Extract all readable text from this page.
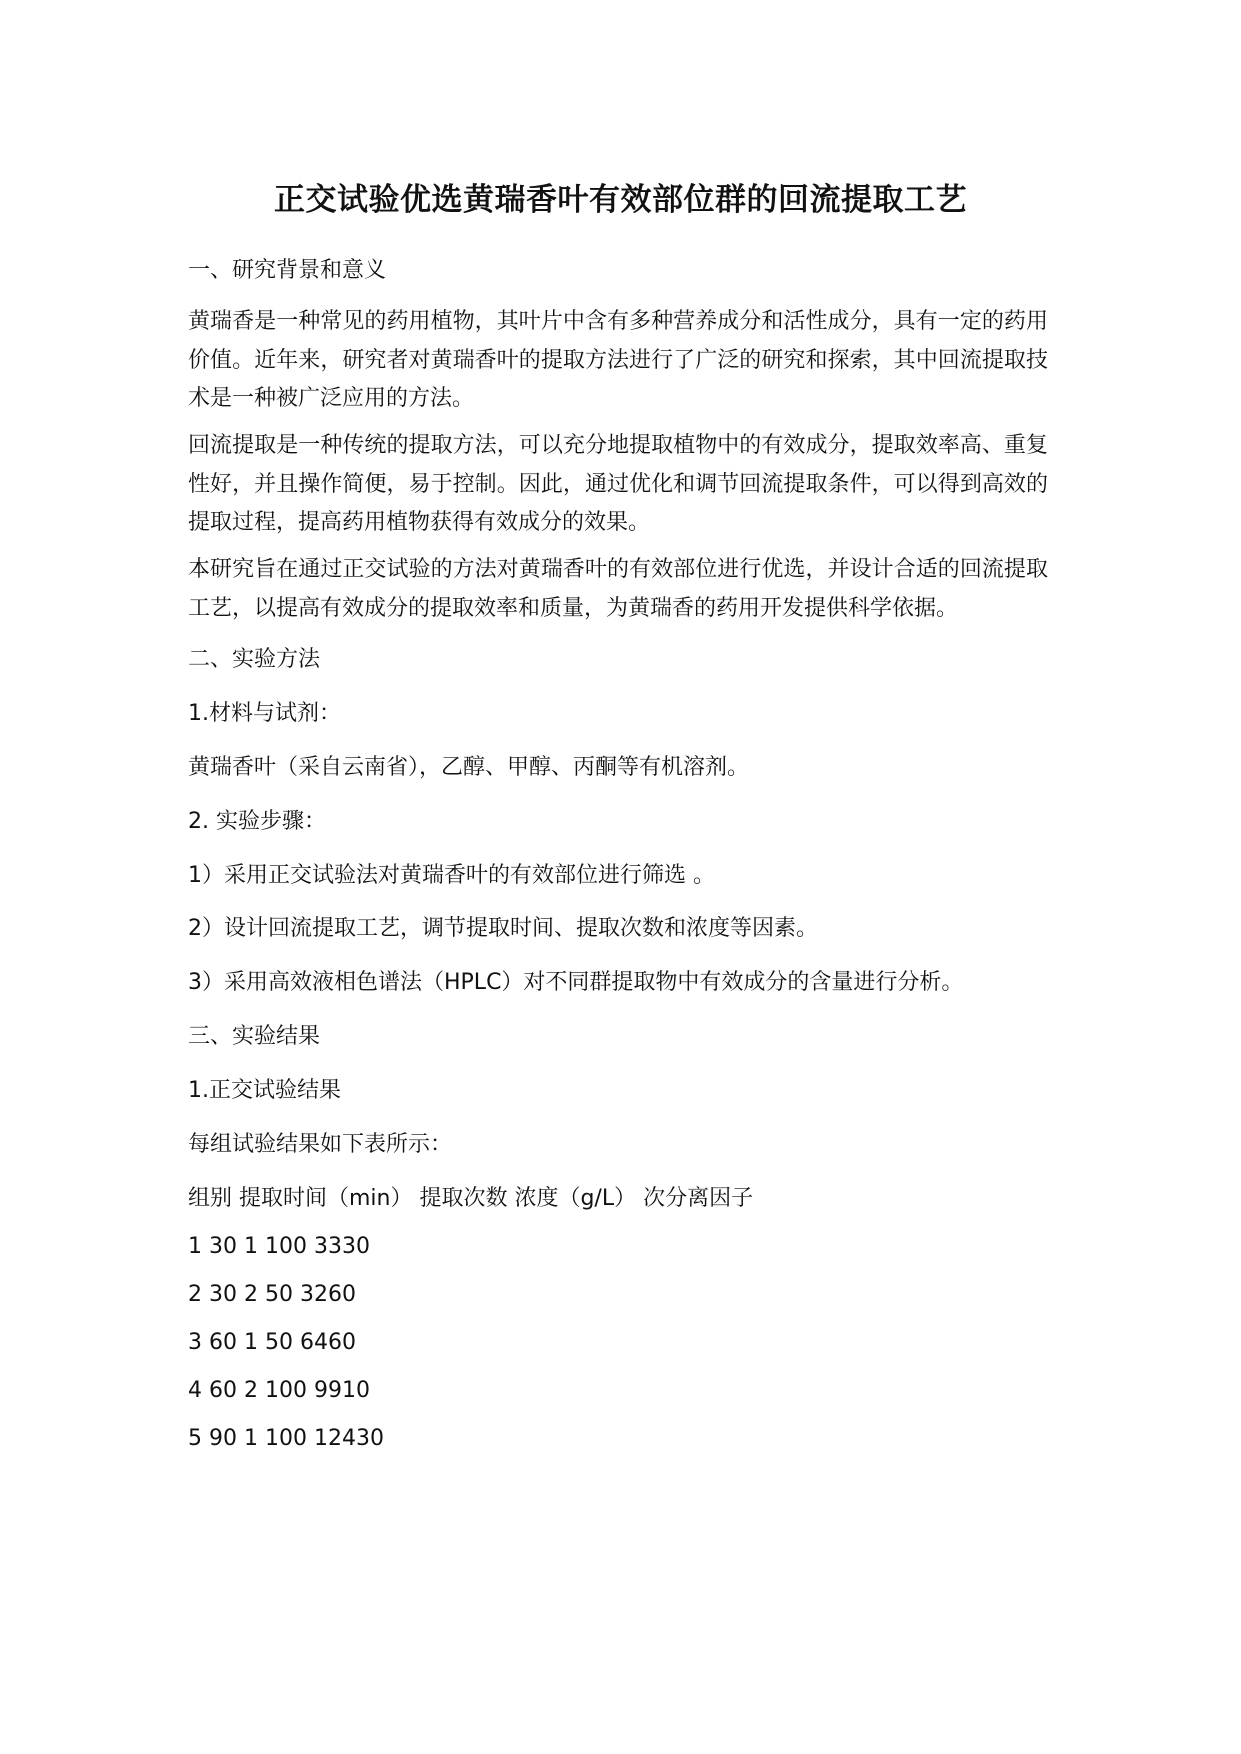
正交试验优选黄瑞香叶有效部位群的回流提取工艺
一、研究背景和意义
黄瑞香是一种常见的药用植物，其叶片中含有多种营养成分和活性成分，具有一定的药用价值。近年来，研究者对黄瑞香叶的提取方法进行了广泛的研究和探索，其中回流提取技术是一种被广泛应用的方法。
回流提取是一种传统的提取方法，可以充分地提取植物中的有效成分，提取效率高、重复性好，并且操作简便，易于控制。因此，通过优化和调节回流提取条件，可以得到高效的提取过程，提高药用植物获得有效成分的效果。
本研究旨在通过正交试验的方法对黄瑞香叶的有效部位进行优选，并设计合适的回流提取工艺，以提高有效成分的提取效率和质量，为黄瑞香的药用开发提供科学依据。
二、实验方法
1.材料与试剂：
黄瑞香叶（采自云南省），乙醇、甲醇、丙酮等有机溶剂。
2. 实验步骤：
1）采用正交试验法对黄瑞香叶的有效部位进行筛选 。
2）设计回流提取工艺，调节提取时间、提取次数和浓度等因素。
3）采用高效液相色谱法（HPLC）对不同群提取物中有效成分的含量进行分析。
三、实验结果
1.正交试验结果
每组试验结果如下表所示：
组别 提取时间（min） 提取次数 浓度（g/L） 次分离因子
1 30 1 100 3330
2 30 2 50 3260
3 60 1 50 6460
4 60 2 100 9910
5 90 1 100 12430
